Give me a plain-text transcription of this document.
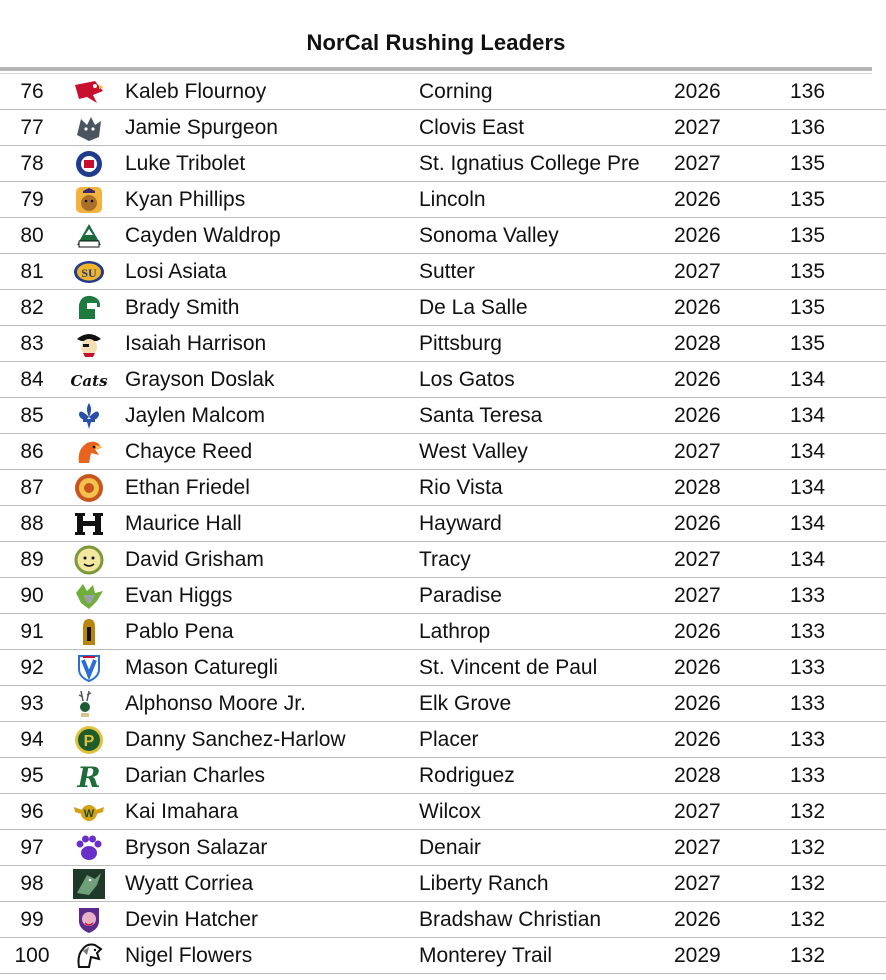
NorCal Rushing Leaders
76	Kaleb Flournoy	Corning	2026	136
77	Jamie Spurgeon	Clovis East	2027	136
78	Luke Tribolet	St. Ignatius College Pre	2027	135
79	Kyan Phillips	Lincoln	2026	135
80	Cayden Waldrop	Sonoma Valley	2026	135
81	SU Losi Asiata	Sutter	2027	135
82	Brady Smith	De La Salle	2026	135
83	Isaiah Harrison	Pittsburg	2028	135
84	Cats Grayson Doslak	Los Gatos	2026	134
85	Jaylen Malcom	Santa Teresa	2026	134
86	Chayce Reed	West Valley	2027	134
87	Ethan Friedel	Rio Vista	2028	134
88	Maurice Hall	Hayward	2026	134
89	David Grisham	Tracy	2027	134
90	Evan Higgs	Paradise	2027	133
91	Pablo Pena	Lathrop	2026	133
92	Mason Caturegli	St. Vincent de Paul	2026	133
93	Alphonso Moore Jr.	Elk Grove	2026	133
94	P Danny Sanchez-Harlow	Placer	2026	133
95	R Darian Charles	Rodriguez	2028	133
96	W Kai Imahara	Wilcox	2027	132
97	Bryson Salazar	Denair	2027	132
98	Wyatt Corriea	Liberty Ranch	2027	132
99	Devin Hatcher	Bradshaw Christian	2026	132
100	Nigel Flowers	Monterey Trail	2029	132
